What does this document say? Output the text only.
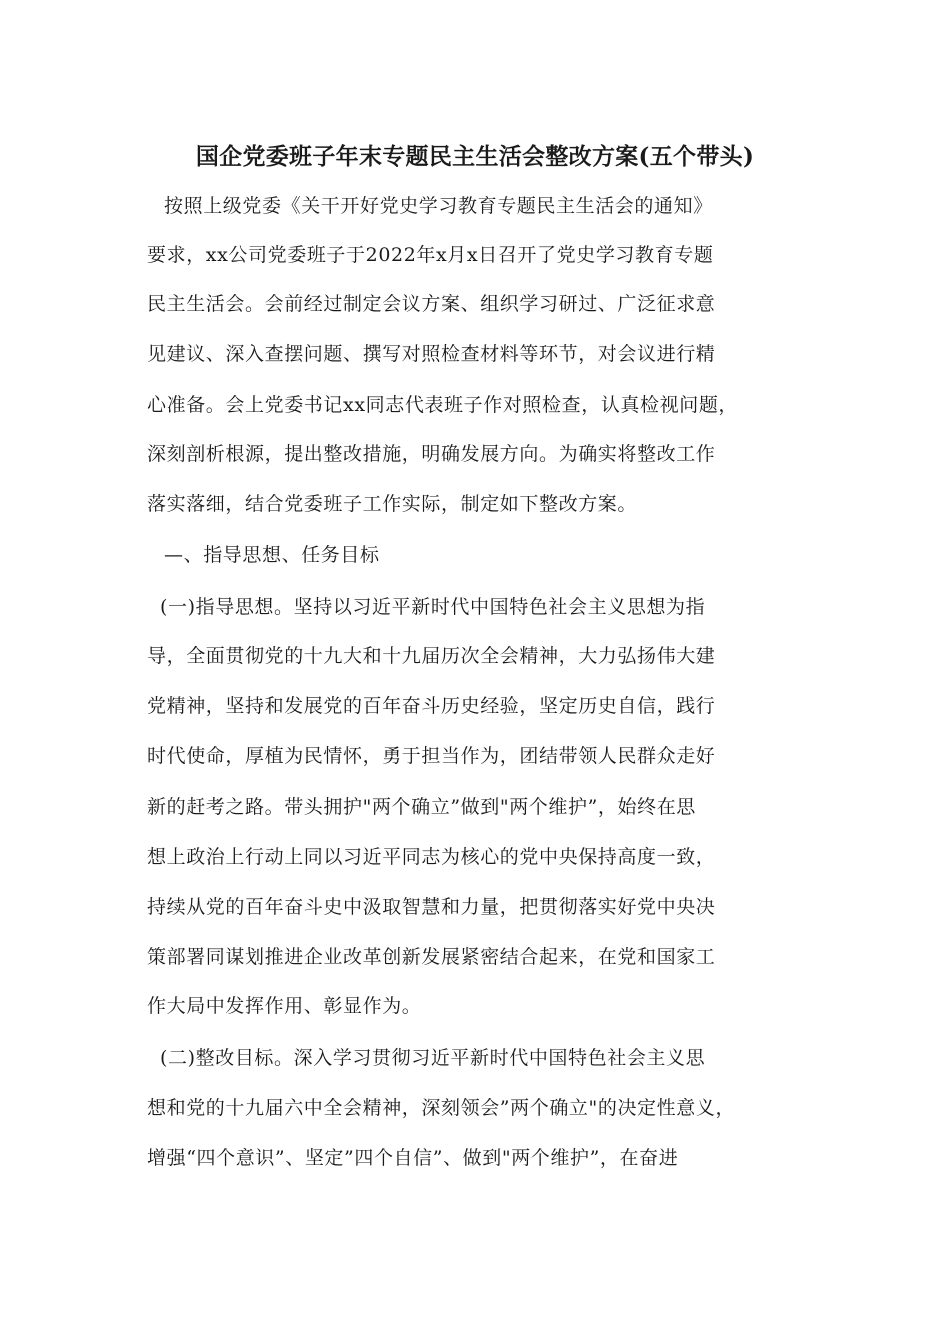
国企党委班子年末专题民主生活会整改方案(五个带头)
按照上级党委《关干开好党史学习教育专题民主生活会的通知》
要求，xx公司党委班子于2022年x月x日召开了党史学习教育专题
民主生活会。会前经过制定会议方案、组织学习研过、广泛征求意
见建议、深入查摆问题、撰写对照检查材料等环节，对会议进行精
心准备。会上党委书记xx同志代表班子作对照检查，认真检视问题，
深刻剖析根源，提出整改措施，明确发展方向。为确实将整改工作
落实落细，结合党委班子工作实际，制定如下整改方案。
—、指导思想、任务目标
(一)指导思想。坚持以习近平新时代中国特色社会主义思想为指
导，全面贯彻党的十九大和十九届历次全会精神，大力弘扬伟大建
党精神，坚持和发展党的百年奋斗历史经验，坚定历史自信，践行
时代使命，厚植为民情怀，勇于担当作为，团结带领人民群众走好
新的赶考之路。带头拥护"两个确立”做到"两个维护”，始终在思
想上政治上行动上同以习近平同志为核心的党中央保持高度一致，
持续从党的百年奋斗史中汲取智慧和力量，把贯彻落实好党中央决
策部署同谋划推进企业改革创新发展紧密结合起来，在党和国家工
作大局中发挥作用、彰显作为。
(二)整改目标。深入学习贯彻习近平新时代中国特色社会主义思
想和党的十九届六中全会精神，深刻领会”两个确立"的决定性意义，
增强“四个意识”、坚定”四个自信”、做到"两个维护”，在奋进
